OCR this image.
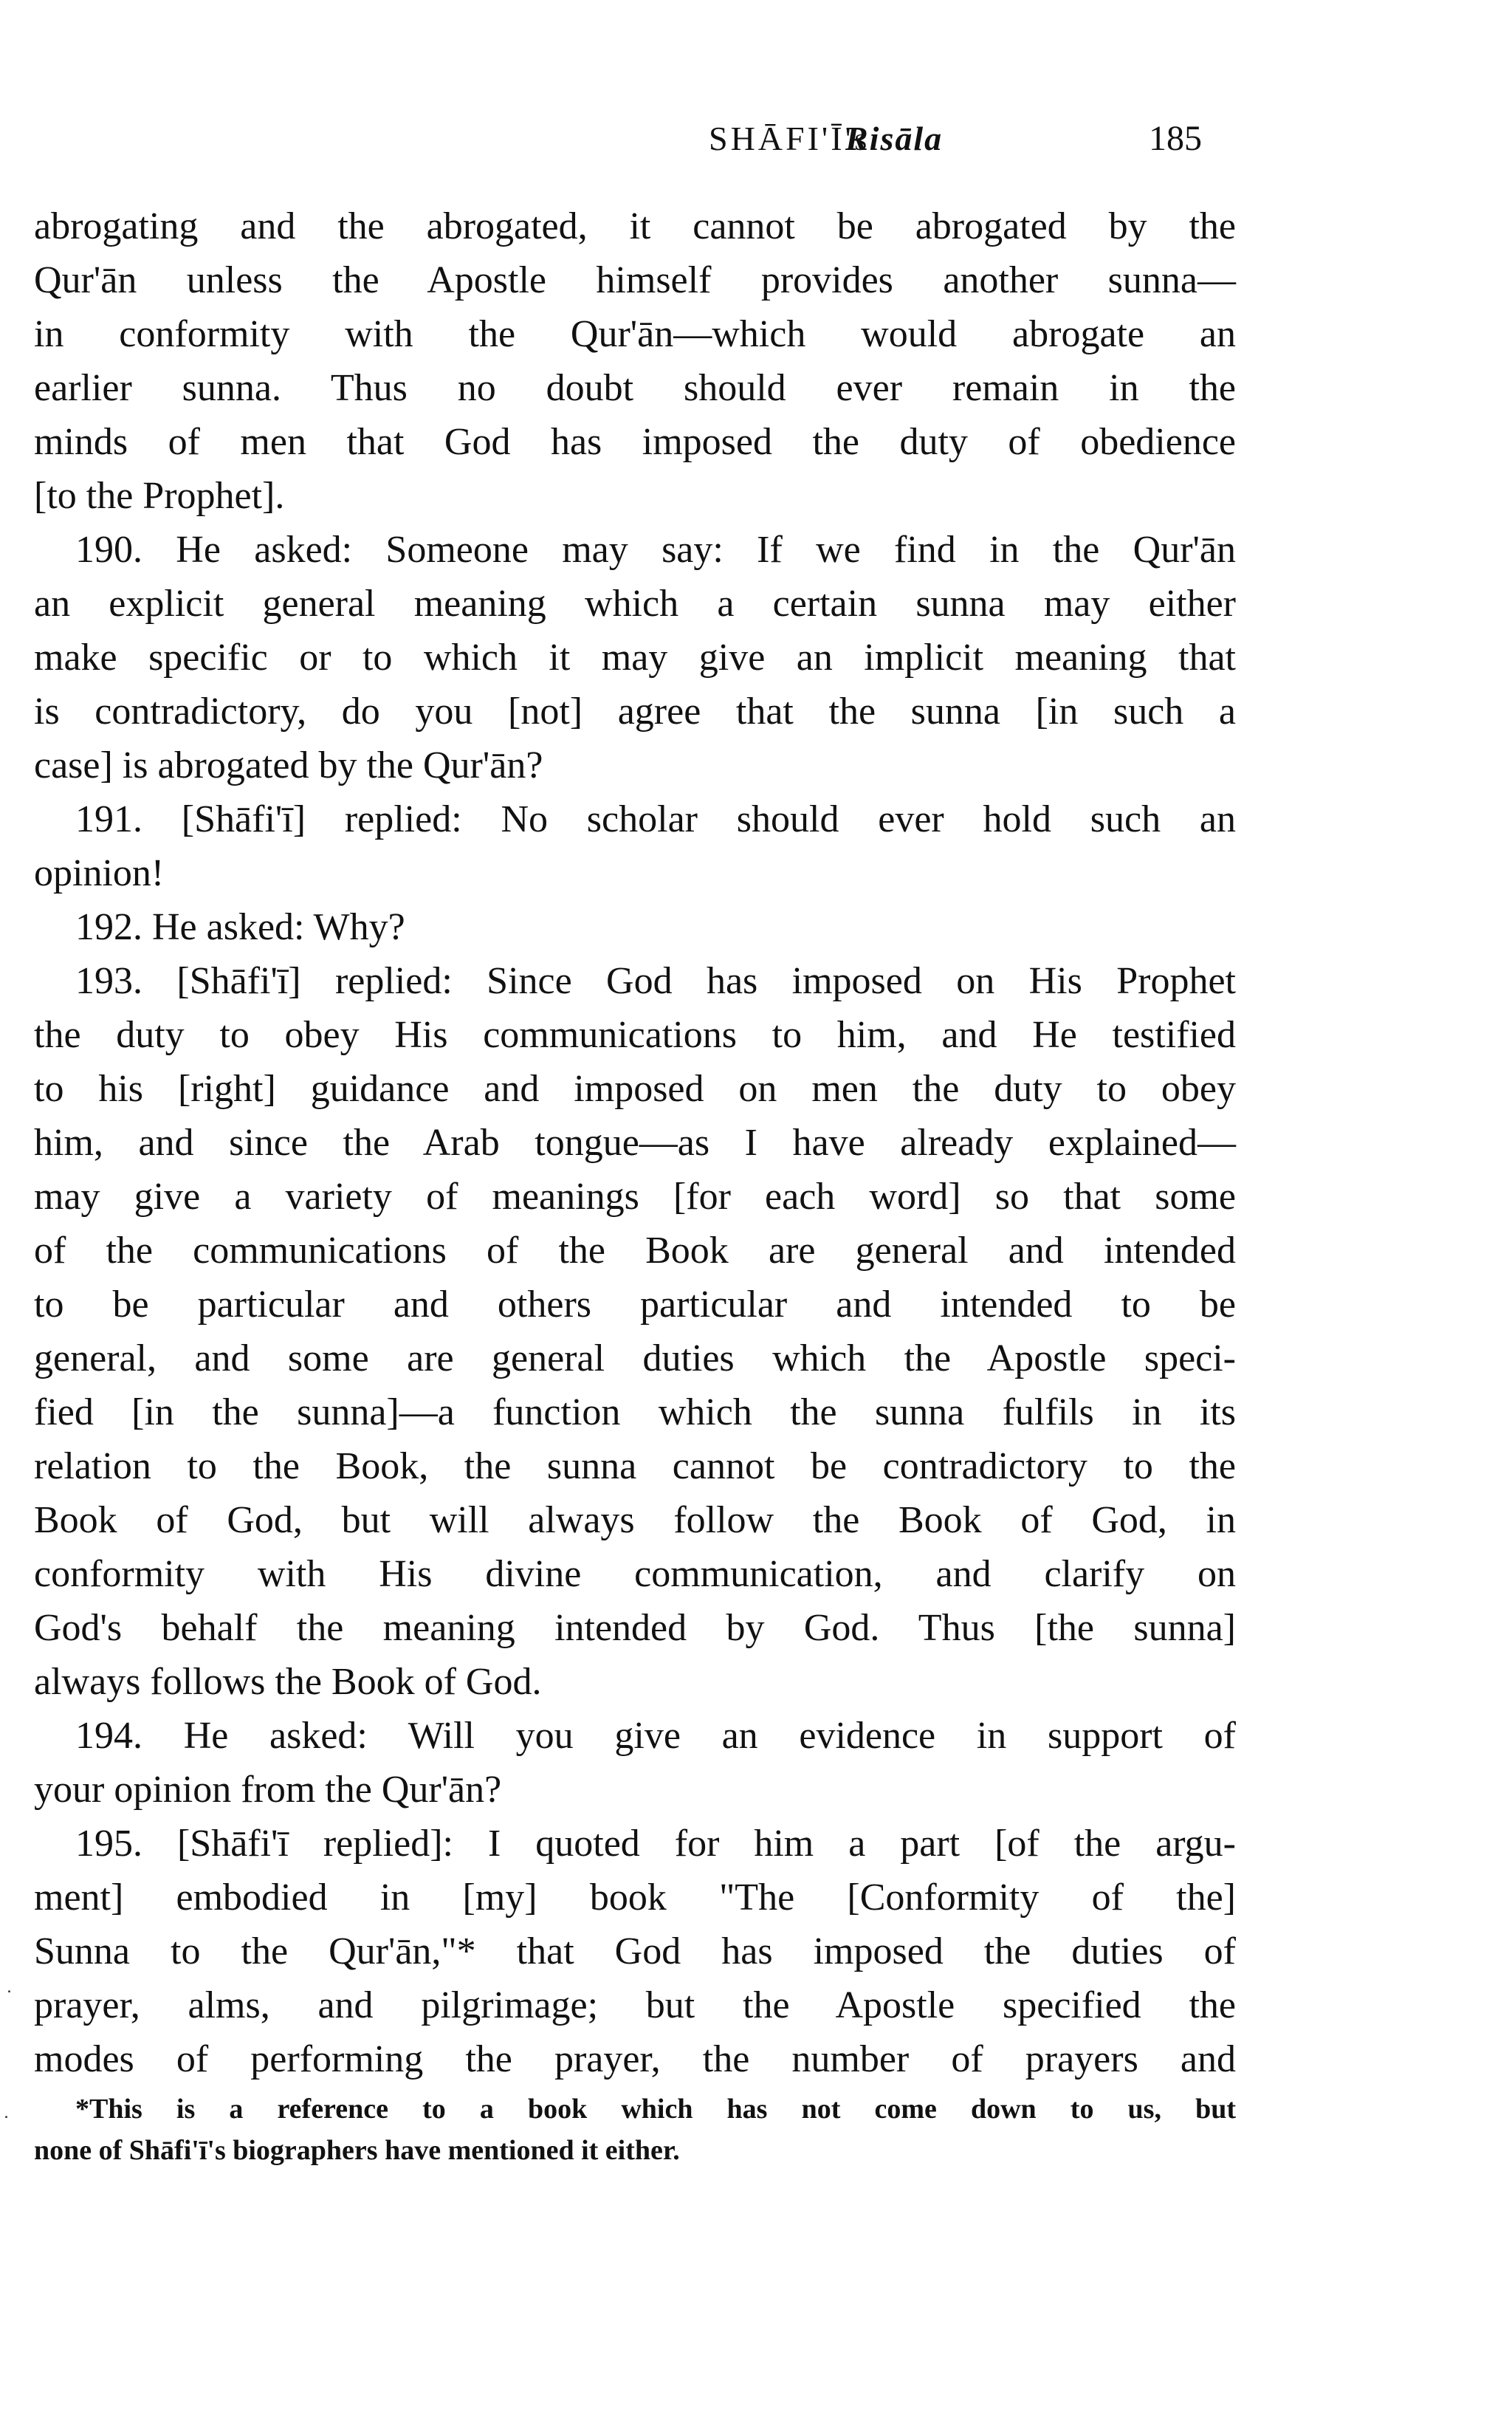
SHĀFI'Ī's
Risāla	185
abrogating and the abrogated, it cannot be abrogated by the
Qur'ān unless the Apostle himself provides another sunna—
in conformity with the Qur'ān—which would abrogate an
earlier sunna. Thus no doubt should ever remain in the
minds of men that God has imposed the duty of obedience
[to the Prophet].
190. He asked: Someone may say: If we find in the Qur'ān
an explicit general meaning which a certain sunna may either
make specific or to which it may give an implicit meaning that
is contradictory, do you [not] agree that the sunna [in such a
case] is abrogated by the Qur'ān?
191. [Shāfi'ī] replied: No scholar should ever hold such an
opinion!
192. He asked: Why?
193. [Shāfi'ī] replied: Since God has imposed on His Prophet
the duty to obey His communications to him, and He testified
to his [right] guidance and imposed on men the duty to obey
him, and since the Arab tongue—as I have already explained—
may give a variety of meanings [for each word] so that some
of the communications of the Book are general and intended
to be particular and others particular and intended to be
general, and some are general duties which the Apostle speci-
fied [in the sunna]—a function which the sunna fulfils in its
relation to the Book, the sunna cannot be contradictory to the
Book of God, but will always follow the Book of God, in
conformity with His divine communication, and clarify on
God's behalf the meaning intended by God. Thus [the sunna]
always follows the Book of God.
194. He asked: Will you give an evidence in support of
your opinion from the Qur'ān?
195. [Shāfi'ī replied]: I quoted for him a part [of the argu-
ment] embodied in [my] book "The [Conformity of the]
Sunna to the Qur'ān,"* that God has imposed the duties of
prayer, alms, and pilgrimage; but the Apostle specified the
modes of performing the prayer, the number of prayers and
*This is a reference to a book which has not come down to us, but
none of Shāfi'ī's biographers have mentioned it either.
˙
˙
